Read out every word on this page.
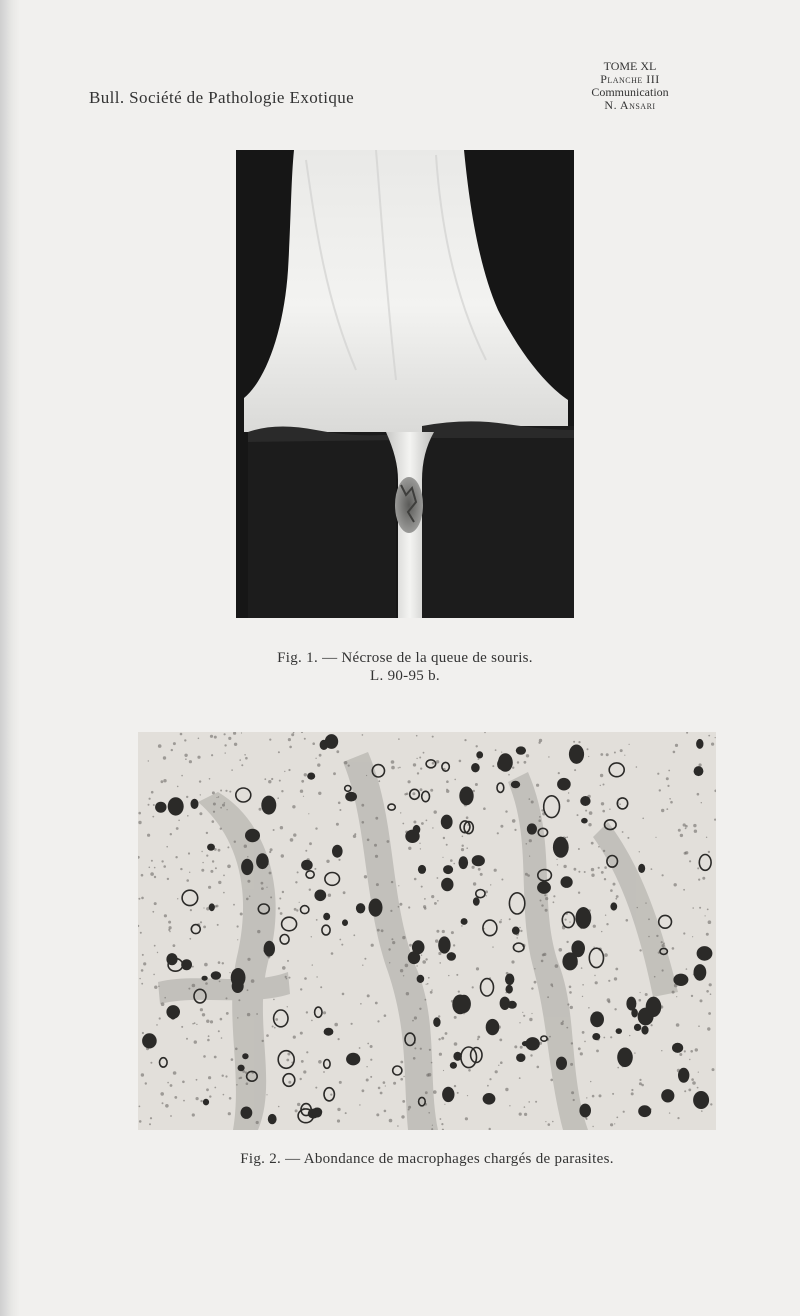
Bull. Société de Pathologie Exotique
TOME XL
Planche III
Communication
N. Ansari
Fig. 1. — Nécrose de la queue de souris.
L. 90-95 b.
Fig. 2. — Abondance de macrophages chargés de parasites.
